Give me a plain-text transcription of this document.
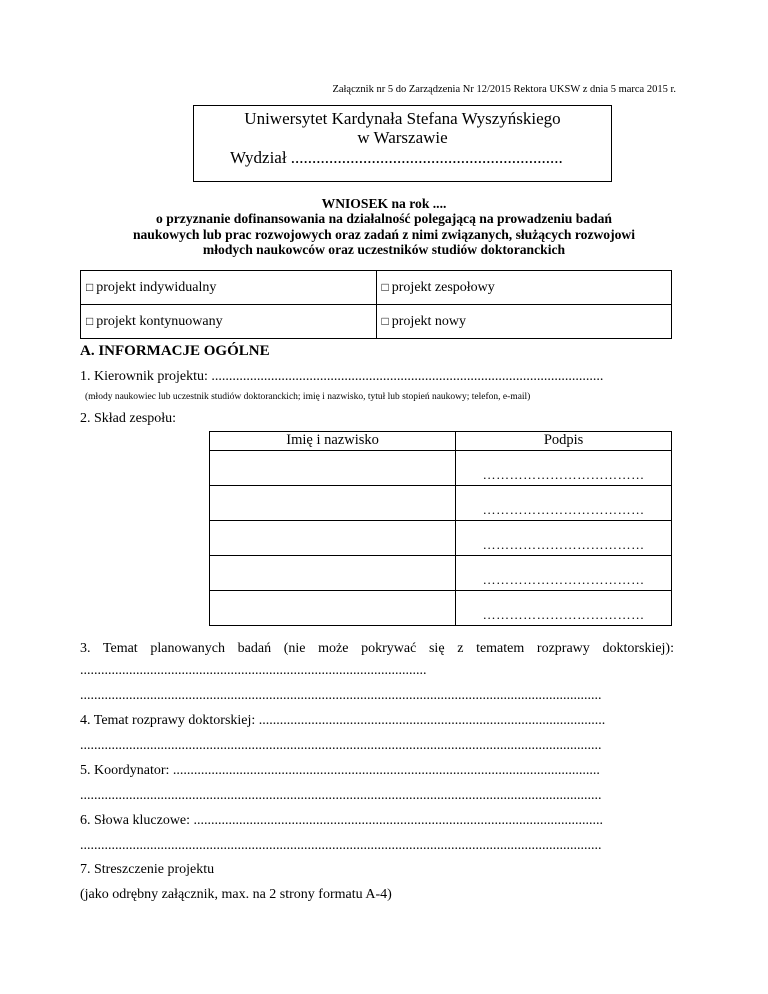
Załącznik nr 5 do Zarządzenia Nr 12/2015 Rektora UKSW z dnia 5 marca 2015 r.
Uniwersytet Kardynała Stefana Wyszyńskiego
w Warszawie
Wydział ................................................................
WNIOSEK na rok ....
o przyznanie dofinansowania na działalność polegającą na prowadzeniu badań
naukowych lub prac rozwojowych oraz zadań z nimi związanych, służących rozwojowi
młodych naukowców oraz uczestników studiów doktoranckich
□ projekt indywidualny	□ projekt zespołowy
□ projekt kontynuowany	□ projekt nowy
A. INFORMACJE OGÓLNE
1. Kierownik projektu: ................................................................................................................
(młody naukowiec lub uczestnik studiów doktoranckich; imię i nazwisko, tytuł lub stopień naukowy; telefon, e-mail)
2. Skład zespołu:
Imię i nazwisko	Podpis
	………………………………
	………………………………
	………………………………
	………………………………
	………………………………
3. Temat planowanych badań (nie może pokrywać się z tematem rozprawy doktorskiej):
...................................................................................................
.....................................................................................................................................................
4. Temat rozprawy doktorskiej: ...................................................................................................
.....................................................................................................................................................
5. Koordynator: ..........................................................................................................................
.....................................................................................................................................................
6. Słowa kluczowe: .....................................................................................................................
.....................................................................................................................................................
7. Streszczenie projektu
(jako odrębny załącznik, max. na 2 strony formatu A-4)
